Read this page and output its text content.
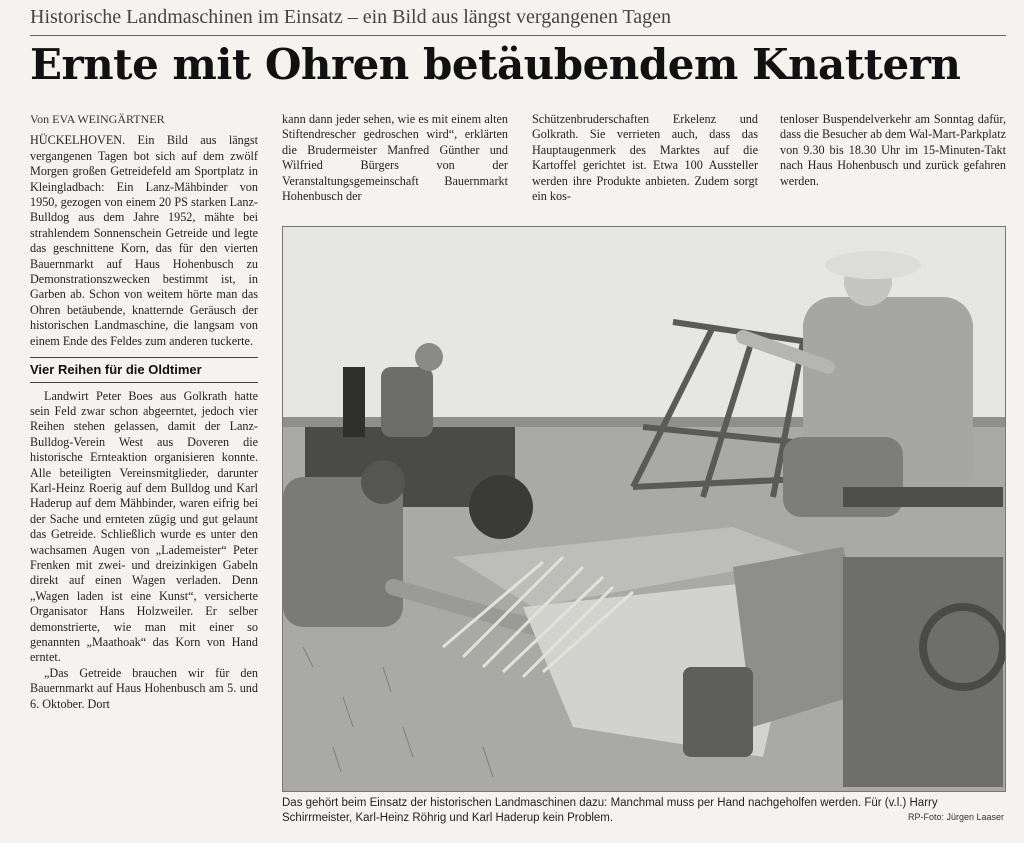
Historische Landmaschinen im Einsatz – ein Bild aus längst vergangenen Tagen
Ernte mit Ohren betäubendem Knattern
Von EVA WEINGÄRTNER

HÜCKELHOVEN. Ein Bild aus längst vergangenen Tagen bot sich auf dem zwölf Morgen großen Getreidefeld am Sportplatz in Kleingladbach: Ein Lanz-Mähbinder von 1950, gezogen von einem 20 PS starken Lanz-Bulldog aus dem Jahre 1952, mähte bei strahlendem Sonnenschein Getreide und legte das geschnittene Korn, das für den vierten Bauernmarkt auf Haus Hohenbusch zu Demonstrationszwecken bestimmt ist, in Garben ab. Schon von weitem hörte man das Ohren betäubende, knatternde Geräusch der historischen Landmaschine, die langsam von einem Ende des Feldes zum anderen tuckerte.

Vier Reihen für die Oldtimer

Landwirt Peter Boes aus Golkrath hatte sein Feld zwar schon abgeerntet, jedoch vier Reihen stehen gelassen, damit der Lanz-Bulldog-Verein West aus Doveren die historische Ernteaktion organisieren konnte. Alle beteiligten Vereinsmitglieder, darunter Karl-Heinz Roerig auf dem Bulldog und Karl Haderup auf dem Mähbinder, waren eifrig bei der Sache und ernteten zügig und gut gelaunt das Getreide. Schließlich wurde es unter den wachsamen Augen von „Lademeister“ Peter Frenken mit zwei- und dreizinkigen Gabeln direkt auf einen Wagen verladen. Denn „Wagen laden ist eine Kunst“, versicherte Organisator Hans Holzweiler. Er selber demonstrierte, wie man mit einer so genannten „Maathoak“ das Korn von Hand erntet.

„Das Getreide brauchen wir für den Bauernmarkt auf Haus Hohenbusch am 5. und 6. Oktober. Dort

kann dann jeder sehen, wie es mit einem alten Stiftendrescher gedroschen wird“, erklärten die Brudermeister Manfred Günther und Wilfried Bürgers von der Veranstaltungsgemeinschaft Bauernmarkt Hohenbusch der

Schützenbruderschaften Erkelenz und Golkrath. Sie verrieten auch, dass das Hauptaugenmerk des Marktes auf die Kartoffel gerichtet ist. Etwa 100 Aussteller werden ihre Produkte anbieten. Zudem sorgt ein kos-

tenloser Buspendelverkehr am Sonntag dafür, dass die Besucher ab dem Wal-Mart-Parkplatz von 9.30 bis 18.30 Uhr im 15-Minuten-Takt nach Haus Hohenbusch und zurück gefahren werden.

Das gehört beim Einsatz der historischen Landmaschinen dazu: Manchmal muss per Hand nachgeholfen werden. Für (v.l.) Harry Schirrmeister, Karl-Heinz Röhrig und Karl Haderup kein Problem.	RP-Foto: Jürgen Laaser
